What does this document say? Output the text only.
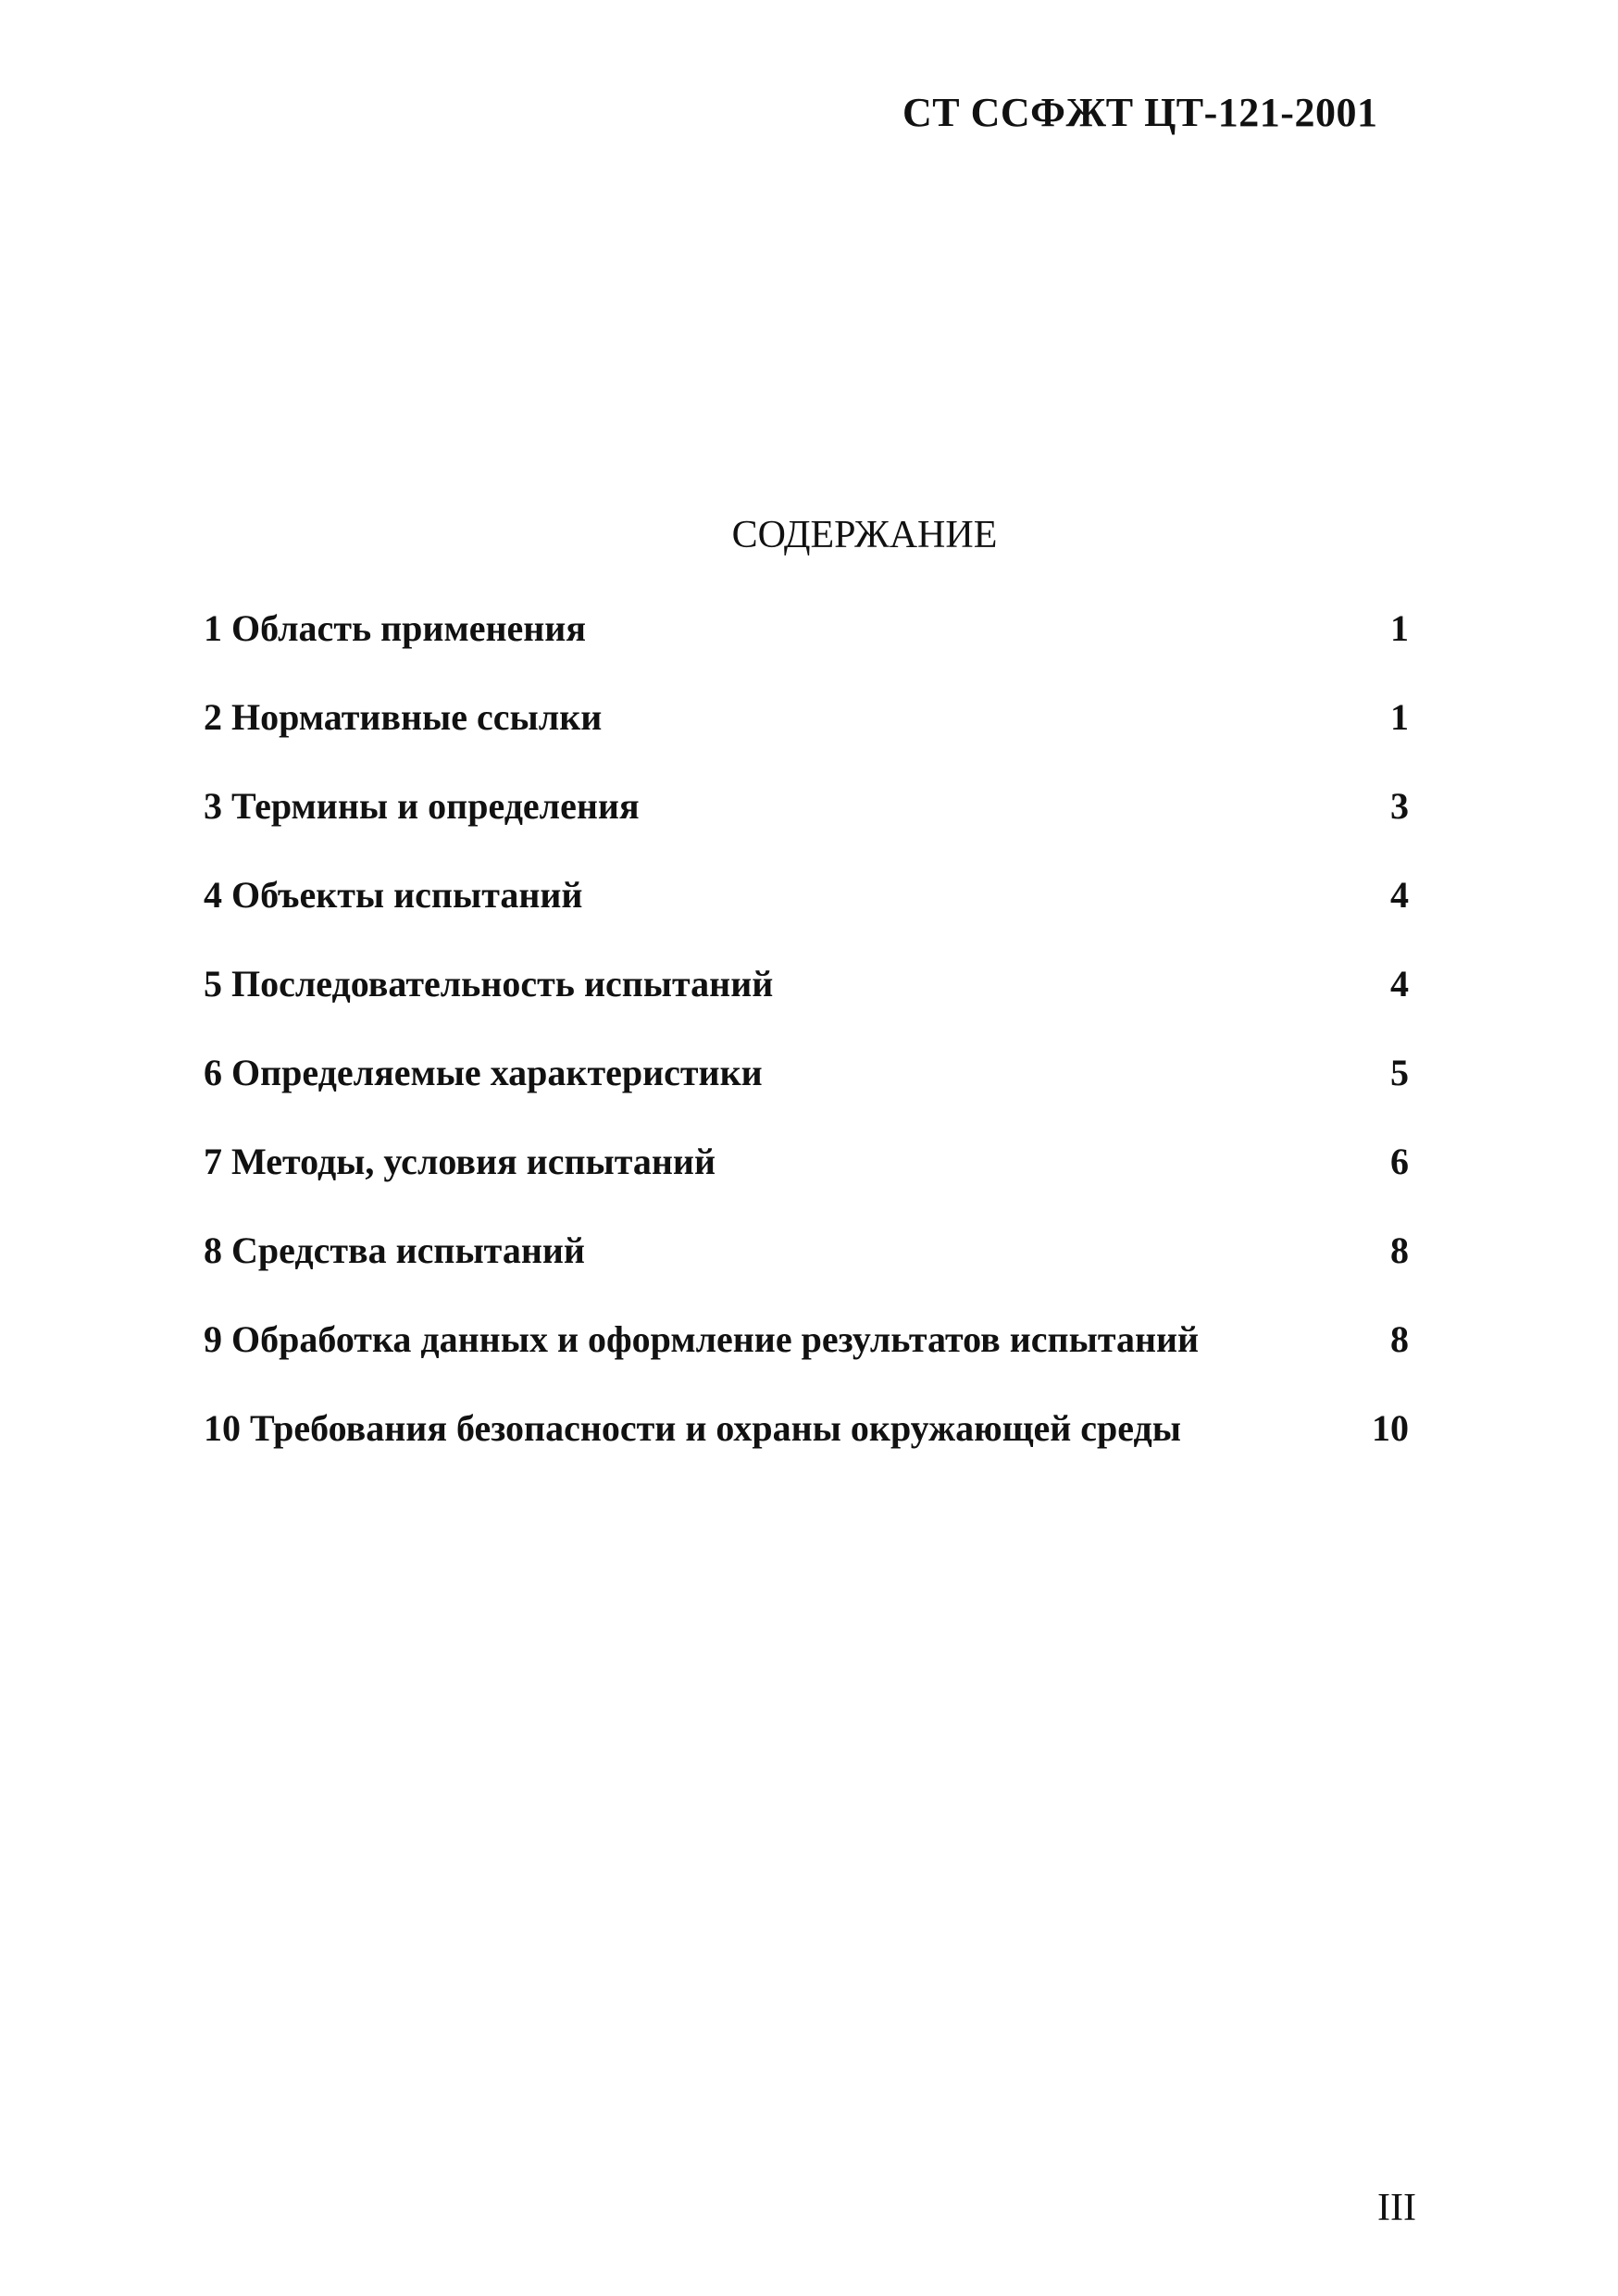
СТ ССФЖТ ЦТ-121-2001
СОДЕРЖАНИЕ
1 Область применения	1
2 Нормативные ссылки	1
3 Термины и определения	3
4 Объекты испытаний	4
5 Последовательность испытаний	4
6 Определяемые характеристики	5
7 Методы, условия испытаний	6
8 Средства испытаний	8
9 Обработка данных и оформление результатов испытаний	8
10 Требования безопасности и охраны окружающей среды	10
III
